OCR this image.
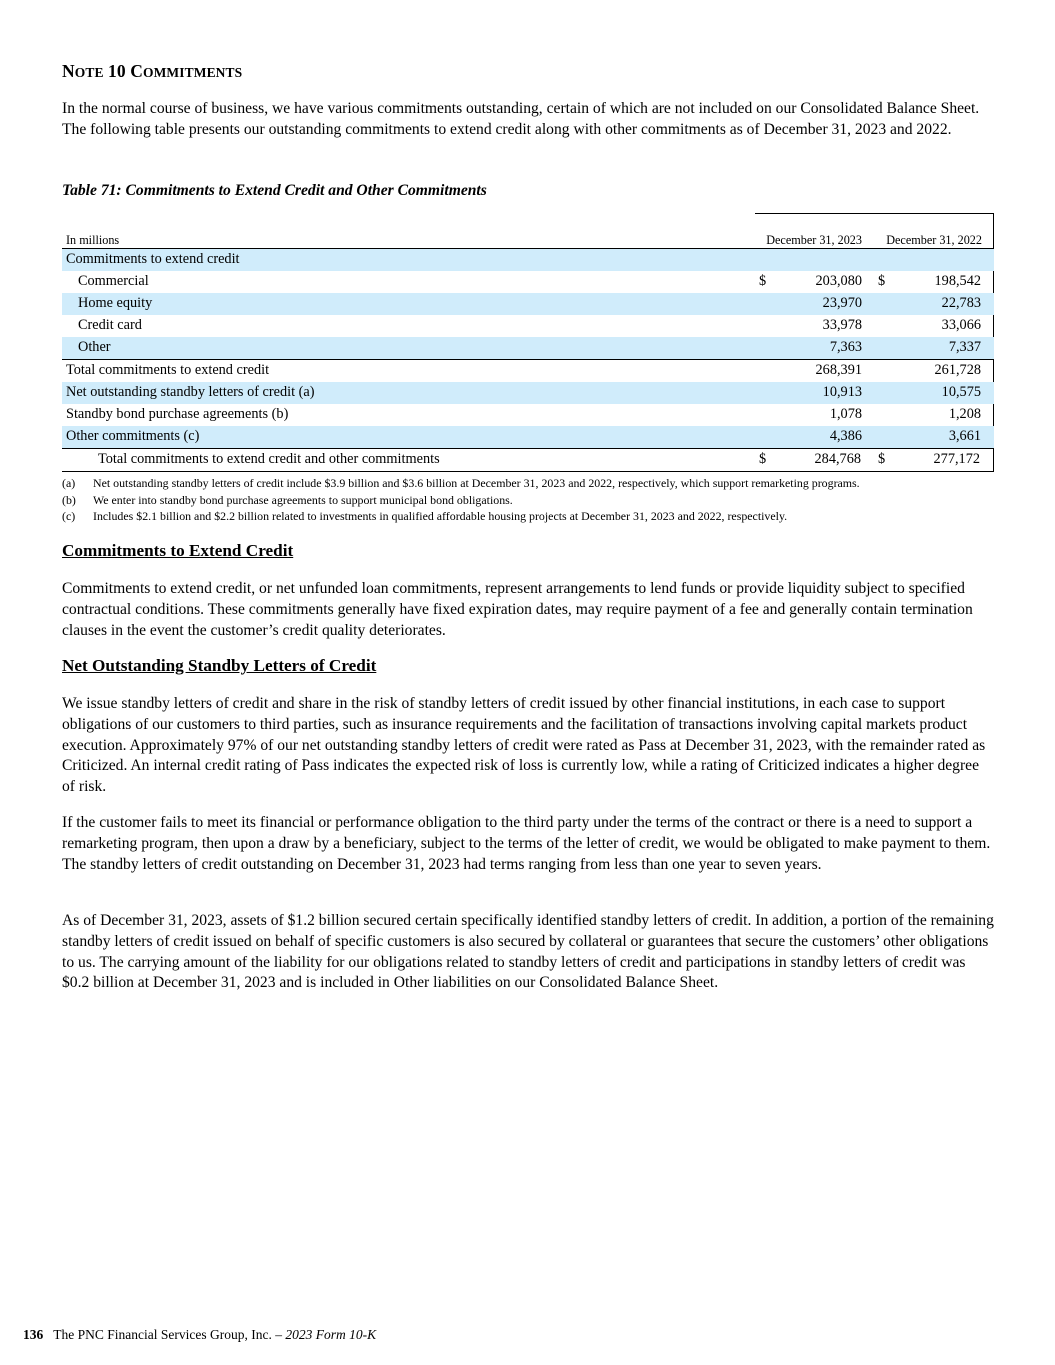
NOTE 10 COMMITMENTS

In the normal course of business, we have various commitments outstanding, certain of which are not included on our Consolidated Balance Sheet. The following table presents our outstanding commitments to extend credit along with other commitments as of December 31, 2023 and 2022.

Table 71: Commitments to Extend Credit and Other Commitments

In millions	December 31, 2023 December 31, 2022
Commitments to extend credit
Commercial	$	203,080 $	198,542
Home equity	23,970	22,783
Credit card	33,978	33,066
Other	7,363	7,337
Total commitments to extend credit	268,391	261,728
Net outstanding standby letters of credit (a)	10,913	10,575
Standby bond purchase agreements (b)	1,078	1,208
Other commitments (c)	4,386	3,661
Total commitments to extend credit and other commitments	$	284,768 $	277,172
(a) Net outstanding standby letters of credit include $3.9 billion and $3.6 billion at December 31, 2023 and 2022, respectively, which support remarketing programs.
(b) We enter into standby bond purchase agreements to support municipal bond obligations.
(c) Includes $2.1 billion and $2.2 billion related to investments in qualified affordable housing projects at December 31, 2023 and 2022, respectively.
Commitments to Extend Credit

Commitments to extend credit, or net unfunded loan commitments, represent arrangements to lend funds or provide liquidity subject to specified contractual conditions. These commitments generally have fixed expiration dates, may require payment of a fee and generally contain termination clauses in the event the customer’s credit quality deteriorates.

Net Outstanding Standby Letters of Credit

We issue standby letters of credit and share in the risk of standby letters of credit issued by other financial institutions, in each case to support obligations of our customers to third parties, such as insurance requirements and the facilitation of transactions involving capital markets product execution. Approximately 97% of our net outstanding standby letters of credit were rated as Pass at December 31, 2023, with the remainder rated as Criticized. An internal credit rating of Pass indicates the expected risk of loss is currently low, while a rating of Criticized indicates a higher degree of risk.

If the customer fails to meet its financial or performance obligation to the third party under the terms of the contract or there is a need to support a remarketing program, then upon a draw by a beneficiary, subject to the terms of the letter of credit, we would be obligated to make payment to them. The standby letters of credit outstanding on December 31, 2023 had terms ranging from less than one year to seven years.

As of December 31, 2023, assets of $1.2 billion secured certain specifically identified standby letters of credit. In addition, a portion of the remaining standby letters of credit issued on behalf of specific customers is also secured by collateral or guarantees that secure the customers’ other obligations to us. The carrying amount of the liability for our obligations related to standby letters of credit and participations in standby letters of credit was $0.2 billion at December 31, 2023 and is included in Other liabilities on our Consolidated Balance Sheet.

136 The PNC Financial Services Group, Inc. – 2023 Form 10-K
